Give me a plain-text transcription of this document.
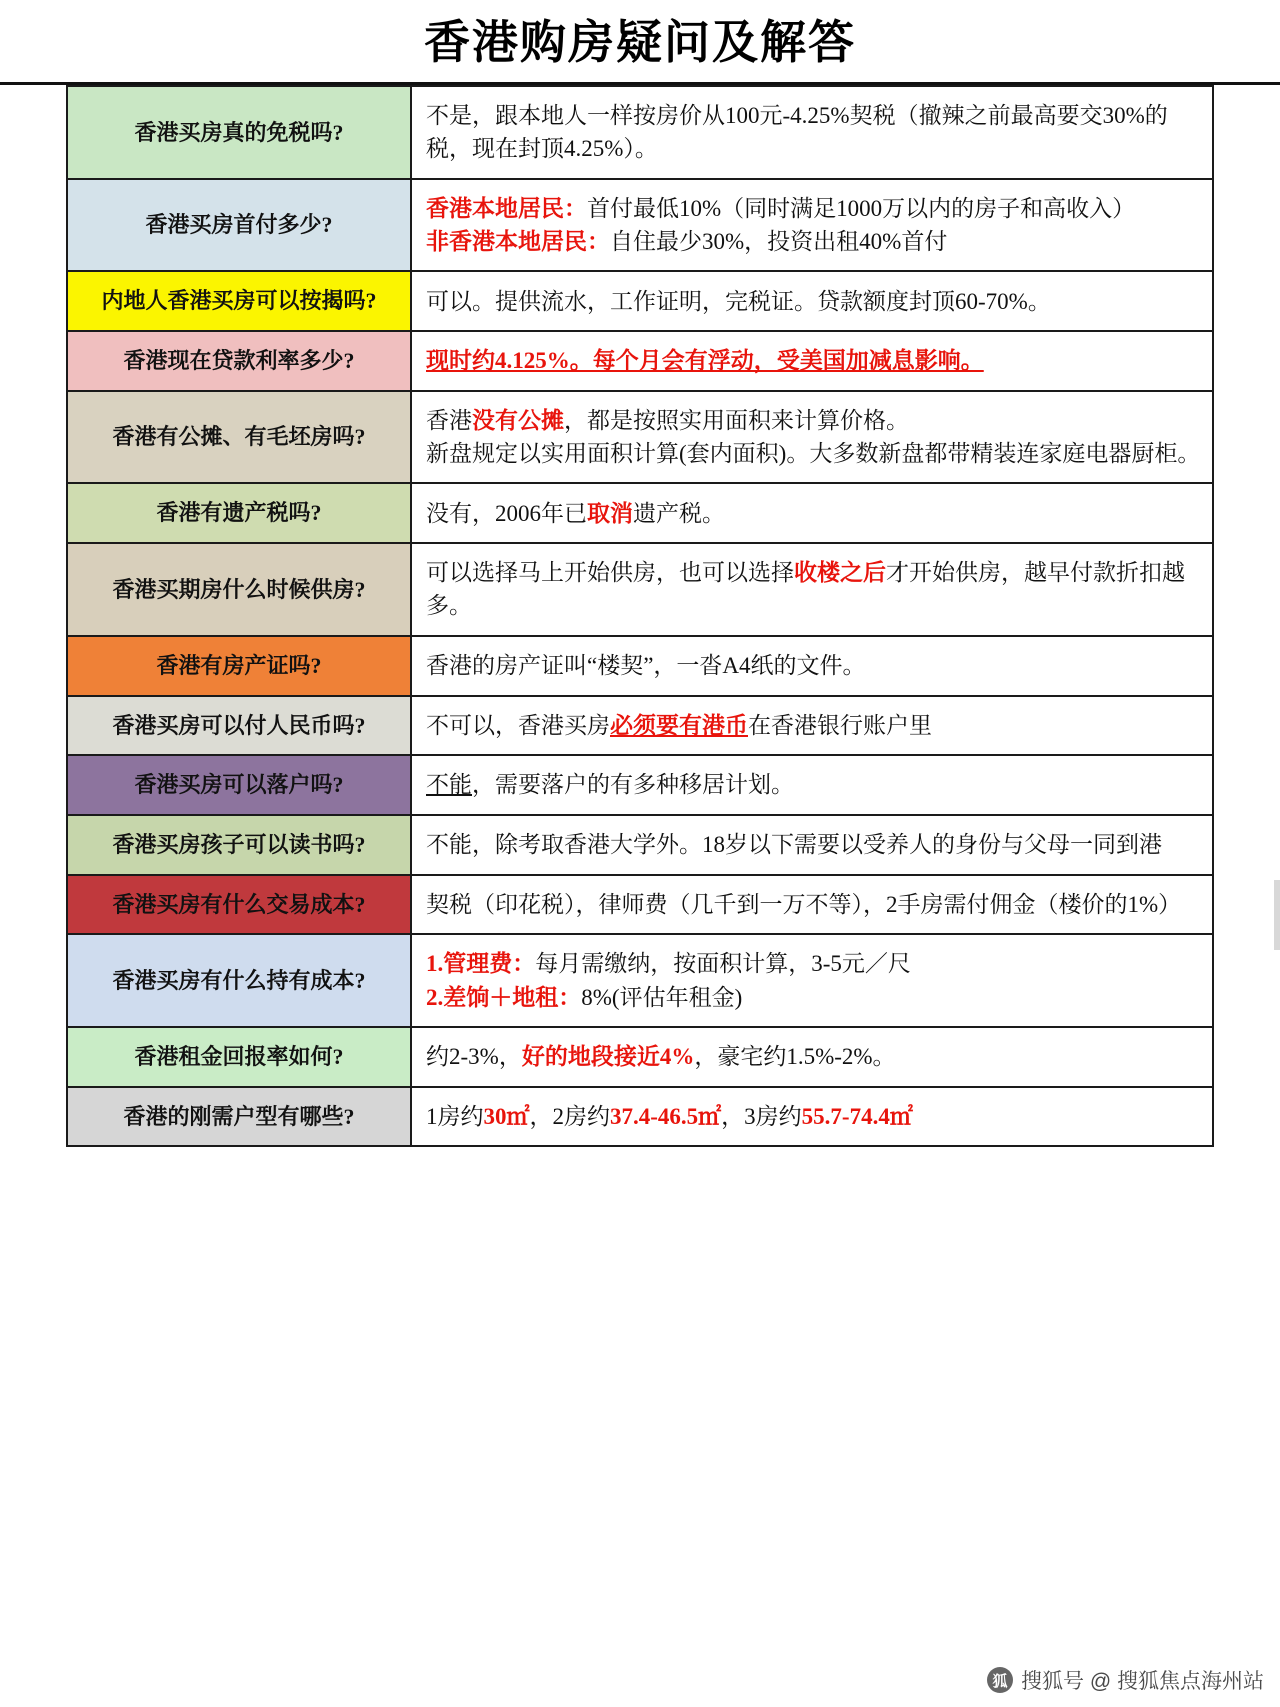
香港购房疑问及解答
香港买房真的免税吗?	不是，跟本地人一样按房价从100元-4.25%契税（撤辣之前最高要交30%的税，现在封顶4.25%）。
香港买房首付多少?	香港本地居民：首付最低10%（同时满足1000万以内的房子和高收入）
非香港本地居民：自住最少30%，投资出租40%首付

内地人香港买房可以按揭吗?	可以。提供流水，工作证明，完税证。贷款额度封顶60-70%。
香港现在贷款利率多少?	现时约4.125%。每个月会有浮动，受美国加减息影响。
香港有公摊、有毛坯房吗?	香港没有公摊，都是按照实用面积来计算价格。
新盘规定以实用面积计算(套内面积)。大多数新盘都带精装连家庭电器厨柜。

香港有遗产税吗?	没有，2006年已取消遗产税。
香港买期房什么时候供房?	可以选择马上开始供房，也可以选择收楼之后才开始供房，越早付款折扣越多。
香港有房产证吗?	香港的房产证叫“楼契”，一沓A4纸的文件。
香港买房可以付人民币吗?	不可以，香港买房必须要有港币在香港银行账户里
香港买房可以落户吗?	不能，需要落户的有多种移居计划。
香港买房孩子可以读书吗?	不能，除考取香港大学外。18岁以下需要以受养人的身份与父母一同到港
香港买房有什么交易成本?	契税（印花税），律师费（几千到一万不等），2手房需付佣金（楼价的1%）
香港买房有什么持有成本?	1.管理费：每月需缴纳，按面积计算，3-5元／尺
2.差饷＋地租：8%(评估年租金)

香港租金回报率如何?	约2-3%，好的地段接近4%，豪宅约1.5%-2%。
香港的刚需户型有哪些?	1房约30㎡，2房约37.4-46.5㎡，3房约55.7-74.4㎡
狐 搜狐号 @ 搜狐焦点海州站
